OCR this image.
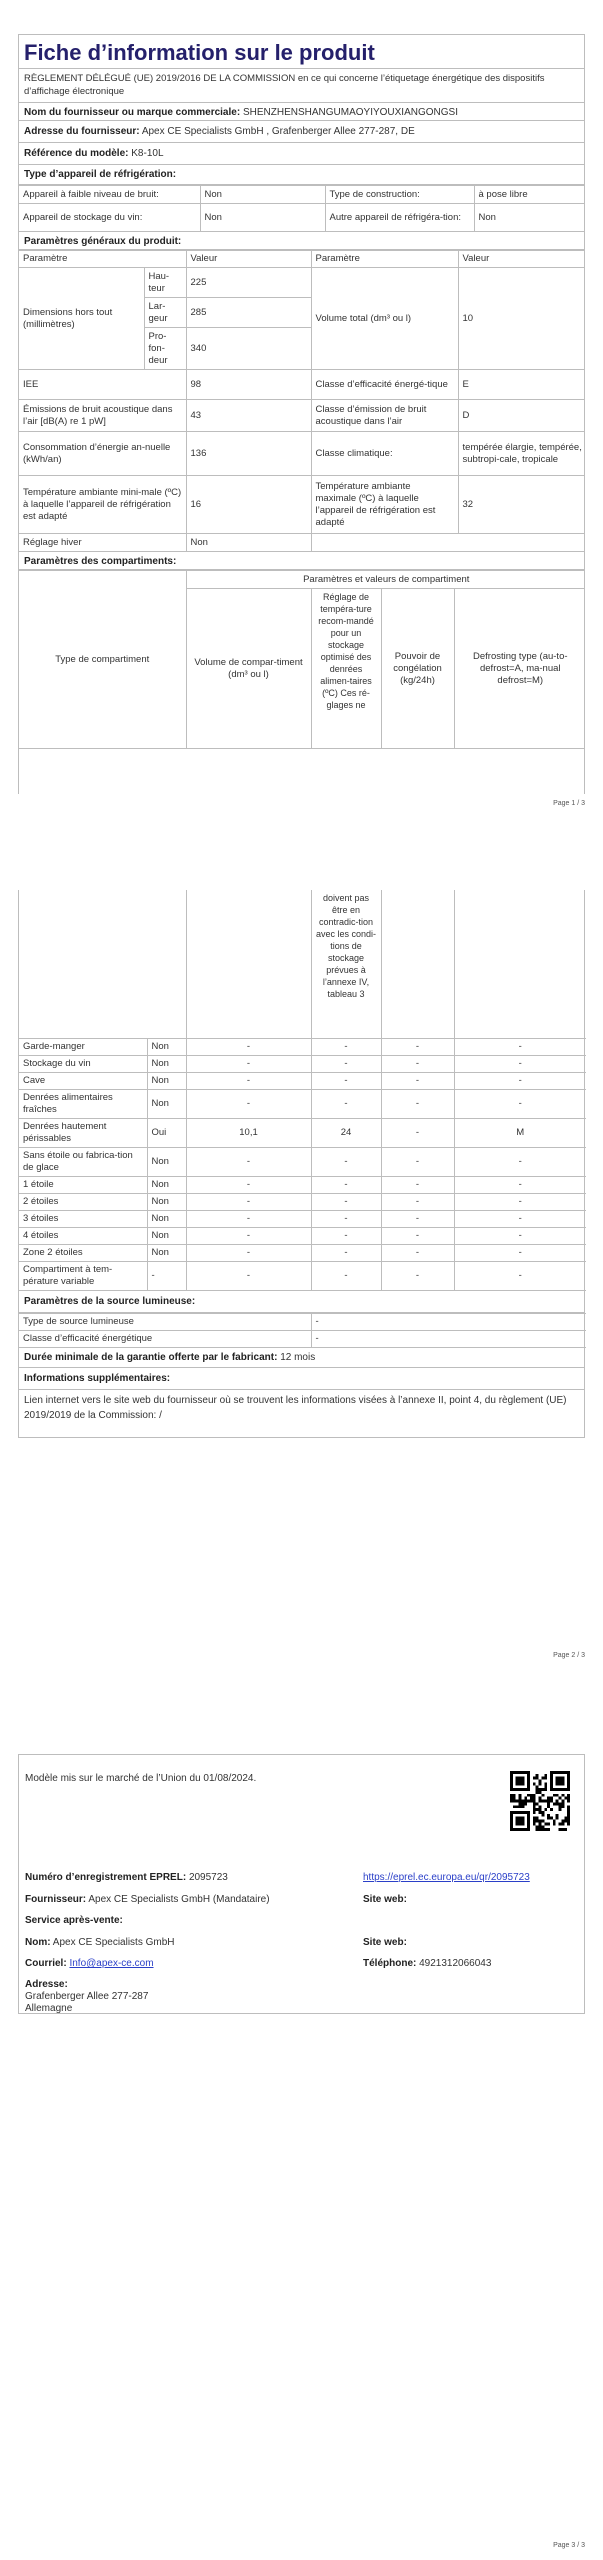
Fiche d’information sur le produit
RÈGLEMENT DÉLÉGUÉ (UE) 2019/2016 DE LA COMMISSION en ce qui concerne l’étiquetage énergétique des dispositifs d’affichage électronique
Nom du fournisseur ou marque commerciale: SHENZHENSHANGUMAOYIYOUXIANGONGSI
Adresse du fournisseur: Apex CE Specialists GmbH , Grafenberger Allee 277-287, DE
Référence du modèle: K8-10L
Type d’appareil de réfrigération:
Appareil à faible niveau de bruit:	Non	Type de construction:	à pose libre
Appareil de stockage du vin:	Non	Autre appareil de réfrigéra-tion:	Non
Paramètres généraux du produit:
Paramètre		Valeur	Paramètre	Valeur
Dimensions hors tout (millimètres)	Hau-teur	225	Volume total (dm³ ou l)	10
	Lar-geur	285		
	Pro-fon-deur	340		
IEE		98	Classe d’efficacité énergé-tique	E
Émissions de bruit acoustique dans l’air [dB(A) re 1 pW]		43	Classe d’émission de bruit acoustique dans l’air	D
Consommation d’énergie an-nuelle (kWh/an)		136	Classe climatique:	tempérée élargie, tempérée, subtropi-cale, tropicale
Température ambiante mini-male (ºC) à laquelle l’appareil de réfrigération est adapté		16	Température ambiante maximale (ºC) à laquelle l’appareil de réfrigération est adapté	32
Réglage hiver		Non		
Paramètres des compartiments:
Type de compartiment	Paramètres et valeurs de compartiment			
	Volume de compar-timent (dm³ ou l)	Réglage de tempéra-ture recom-mandé pour un stockage optimisé des denrées alimen-taires (ºC) Ces ré-glages ne	Pouvoir de congélation (kg/24h)	Defrosting type (au-to-defrost=A, ma-nual defrost=M)
Page 1 / 3
			doivent pas être en contradic-tion avec les condi-tions de stockage prévues à l’annexe IV, tableau 3		
Garde-manger	Non	-	-	-	-
Stockage du vin	Non	-	-	-	-
Cave	Non	-	-	-	-
Denrées alimentaires fraîches	Non	-	-	-	-
Denrées hautement périssables	Oui	10,1	24	-	M
Sans étoile ou fabrica-tion de glace	Non	-	-	-	-
1 étoile	Non	-	-	-	-
2 étoiles	Non	-	-	-	-
3 étoiles	Non	-	-	-	-
4 étoiles	Non	-	-	-	-
Zone 2 étoiles	Non	-	-	-	-
Compartiment à tem-pérature variable	-	-	-	-	-
Paramètres de la source lumineuse:
Type de source lumineuse	-
Classe d’efficacité énergétique	-
Durée minimale de la garantie offerte par le fabricant: 12 mois
Informations supplémentaires:
Lien internet vers le site web du fournisseur où se trouvent les informations visées à l’annexe II, point 4, du règlement (UE) 2019/2019 de la Commission: /
Page 2 / 3
Modèle mis sur le marché de l’Union du 01/08/2024.
Numéro d’enregistrement EPREL: 2095723	https://eprel.ec.europa.eu/qr/2095723
Fournisseur: Apex CE Specialists GmbH (Mandataire)	Site web:
Service après-vente:
Nom: Apex CE Specialists GmbH	Site web:
Courriel: Info@apex-ce.com	Téléphone: 4921312066043
Adresse:
Grafenberger Allee 277-287
Allemagne
Page 3 / 3
